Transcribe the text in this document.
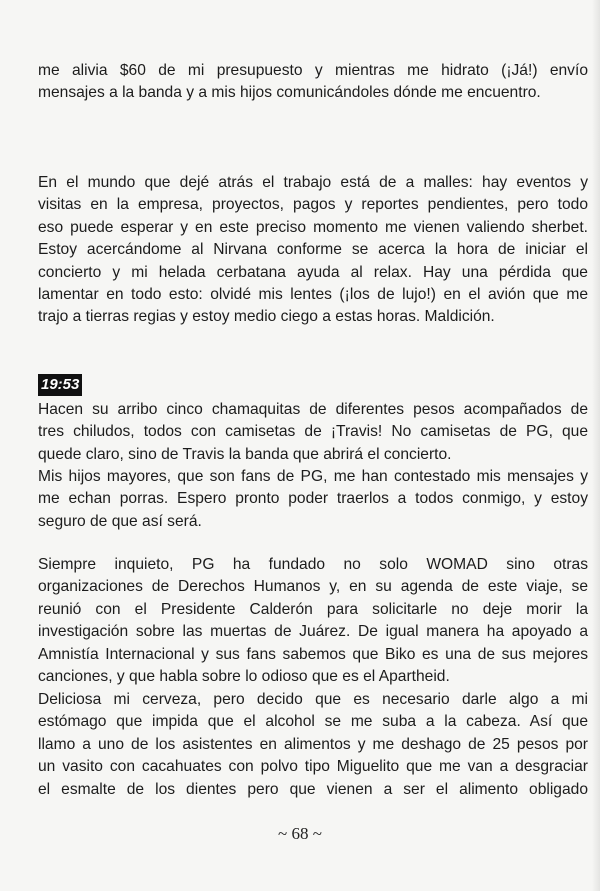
me alivia $60 de mi presupuesto y mientras me hidrato (¡Já!) envío
mensajes a la banda y a mis hijos comunicándoles dónde me encuentro.
En el mundo que dejé atrás el trabajo está de a malles: hay eventos y
visitas en la empresa, proyectos, pagos y reportes pendientes, pero todo
eso puede esperar y en este preciso momento me vienen valiendo sherbet.
Estoy acercándome al Nirvana conforme se acerca la hora de iniciar el
concierto y mi helada cerbatana ayuda al relax. Hay una pérdida que
lamentar en todo esto: olvidé mis lentes (¡los de lujo!) en el avión que me
trajo a tierras regias y estoy medio ciego a estas horas. Maldición.
19:53
Hacen su arribo cinco chamaquitas de diferentes pesos acompañados de
tres chiludos, todos con camisetas de ¡Travis! No camisetas de PG, que
quede claro, sino de Travis la banda que abrirá el concierto.
Mis hijos mayores, que son fans de PG, me han contestado mis mensajes y
me echan porras. Espero pronto poder traerlos a todos conmigo, y estoy
seguro de que así será.
Siempre inquieto, PG ha fundado no solo WOMAD sino otras
organizaciones de Derechos Humanos y, en su agenda de este viaje, se
reunió con el Presidente Calderón para solicitarle no deje morir la
investigación sobre las muertas de Juárez. De igual manera ha apoyado a
Amnistía Internacional y sus fans sabemos que Biko es una de sus mejores
canciones, y que habla sobre lo odioso que es el Apartheid.
Deliciosa mi cerveza, pero decido que es necesario darle algo a mi
estómago que impida que el alcohol se me suba a la cabeza. Así que
llamo a uno de los asistentes en alimentos y me deshago de 25 pesos por
un vasito con cacahuates con polvo tipo Miguelito que me van a desgraciar
el esmalte de los dientes pero que vienen a ser el alimento obligado
~ 68 ~
